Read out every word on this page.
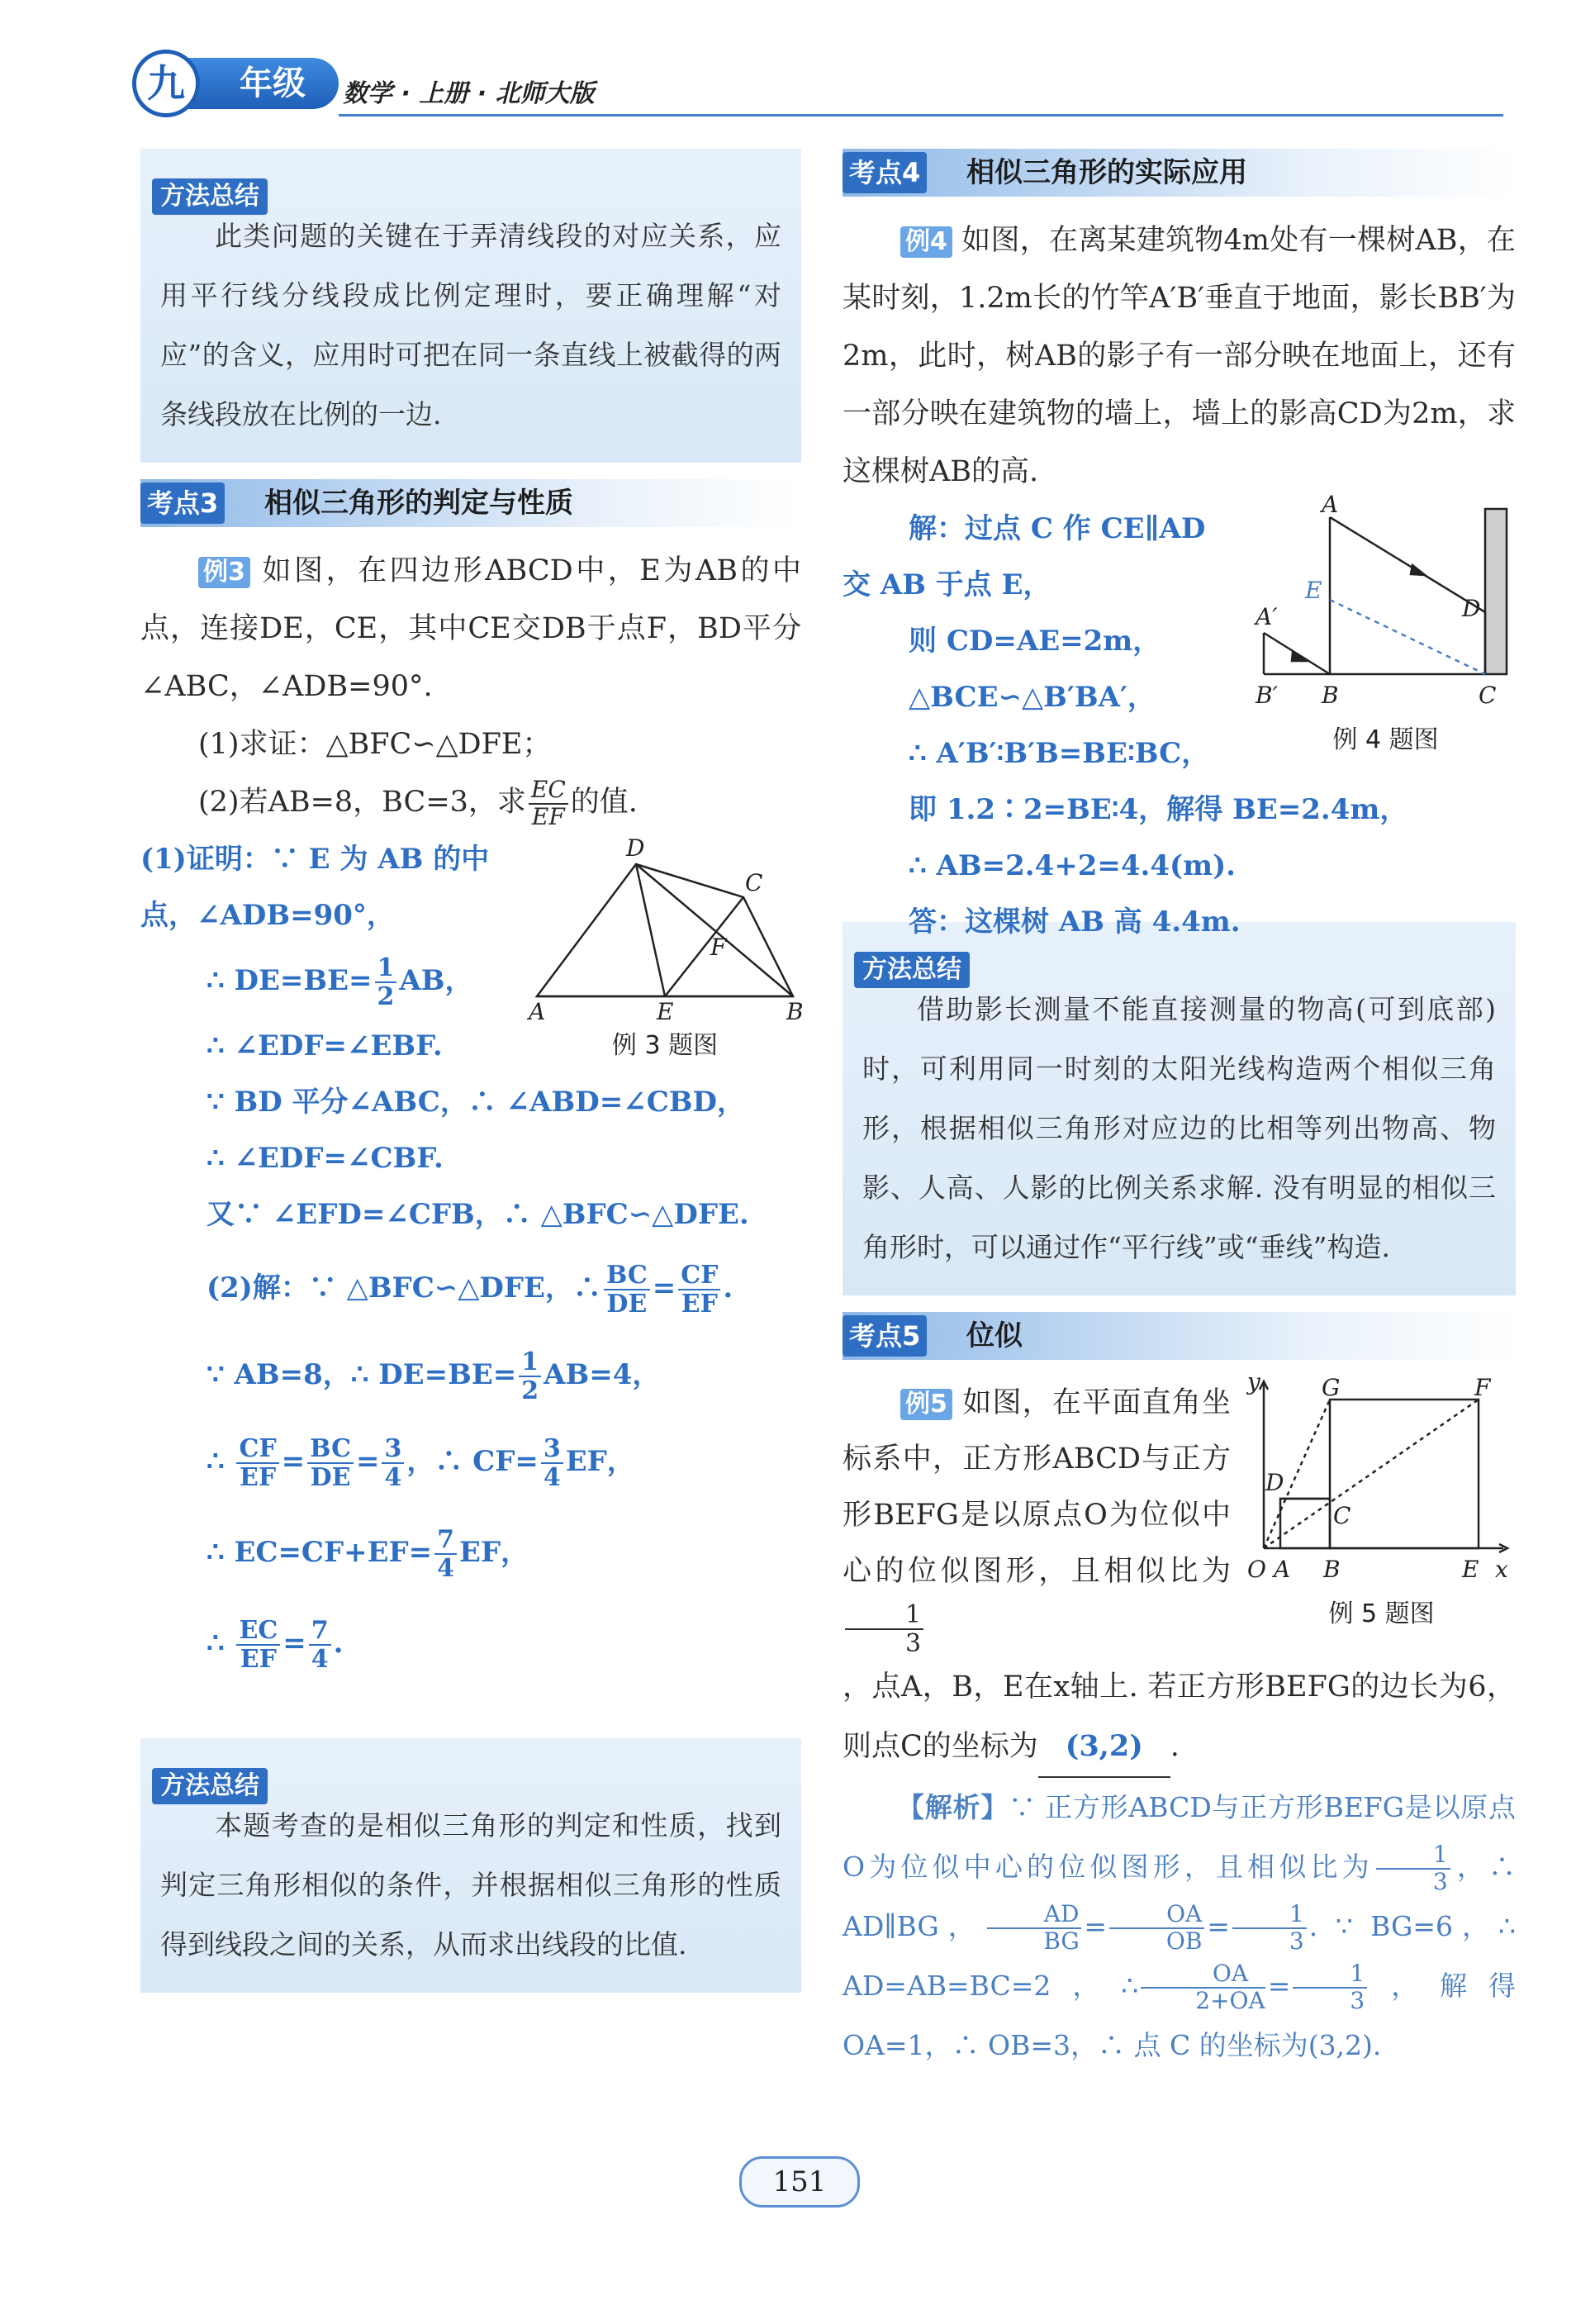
年级
九	数学 · 上册 · 北师大版
方法总结
此类问题的关键在于弄清线段的对应关系，应用平行线分线段成比例定理时，要正确理解“对应”的含义，应用时可把在同一条直线上被截得的两条线段放在比例的一边.
考点3 相似三角形的判定与性质
例3 如图，在四边形ABCD中，E为AB的中点，连接DE，CE，其中CE交DB于点F，BD平分∠ABC，∠ADB=90°.
(1)求证：△BFC∽△DFE；
(2)若AB=8，BC=3，求 $\frac{EC}{EF}$ 的值.
A	E	B
D
C
F
例 3 题图
(1)证明：∵ E 为 AB 的中点，∠ADB=90°，
∴ $DE=BE= \frac{1}{2}$ AB，
∴ ∠EDF=∠EBF.
∵ BD 平分∠ABC，∴ ∠ABD=∠CBD，
∴ ∠EDF=∠CBF.
又∵ ∠EFD=∠CFB，∴ △BFC∽△DFE.
(2)解：∵ △BFC∽△DFE，∴ $\frac{BC}{DE} = \frac{CF}{EF}$ .
∵ AB=8，∴ $DE=BE= \frac{1}{2} AB=4$，
∴ $\frac{CF}{EF} = \frac{BC}{DE} = \frac{3}{4}$ ，∴ $CF= \frac{3}{4}$ EF，
∴ $EC=CF+EF= \frac{7}{4}$ EF，
∴ $\frac{EC}{EF} = \frac{7}{4}$ .
方法总结
本题考查的是相似三角形的判定和性质，找到判定三角形相似的条件，并根据相似三角形的性质得到线段之间的关系，从而求出线段的比值.
考点4 相似三角形的实际应用
例4 如图，在离某建筑物4m处有一棵树AB，在某时刻，1.2m长的竹竿A′B′垂直于地面，影长BB′为2m，此时，树AB的影子有一部分映在地面上，还有一部分映在建筑物的墙上，墙上的影高CD为2m，求这棵树AB的高.
A
A′
B′ B	C
D
E
例 4 题图
解：过点 C 作 CE∥AD
交 AB 于点 E，
则 CD=AE=2m，
△BCE∽△B′BA′，
∴ A′B′∶B′B=BE∶BC，
即 1.2∶2=BE∶4，解得 BE=2.4m，
∴ AB=2.4+2=4.4(m).
答：这棵树 AB 高 4.4m.
方法总结
借助影长测量不能直接测量的物高(可到底部)时，可利用同一时刻的太阳光线构造两个相似三角形，根据相似三角形对应边的比相等列出物高、物影、人高、人影的比例关系求解. 没有明显的相似三角形时，可以通过作“平行线”或“垂线”构造.
考点5 位似
y
x
O A B	E
F
G
D
C
例 5 题图
例5 如图，在平面直角坐标系中，正方形ABCD与正方形BEFG是以原点O为位似中心的位似图形，且相似比为
$\frac{1}{3}$
，点A，B，E在x轴上. 若正方形BEFG的边长为6，则点C的坐标为 (3,2) .
【解析】∵ 正方形ABCD与正方形BEFG是以原点O为位似中心的位似图形，且相似比为 $\frac{1}{3}$ ，∴ AD∥BG， $\frac{AD}{BG} = \frac{OA}{OB} = \frac{1}{3}$ . ∵ BG=6，∴ AD=AB=BC=2，∴ $\frac{OA}{2+OA} = \frac{1}{3}$ ，解得 OA=1，∴ OB=3，∴ 点 C 的坐标为(3,2).
151
